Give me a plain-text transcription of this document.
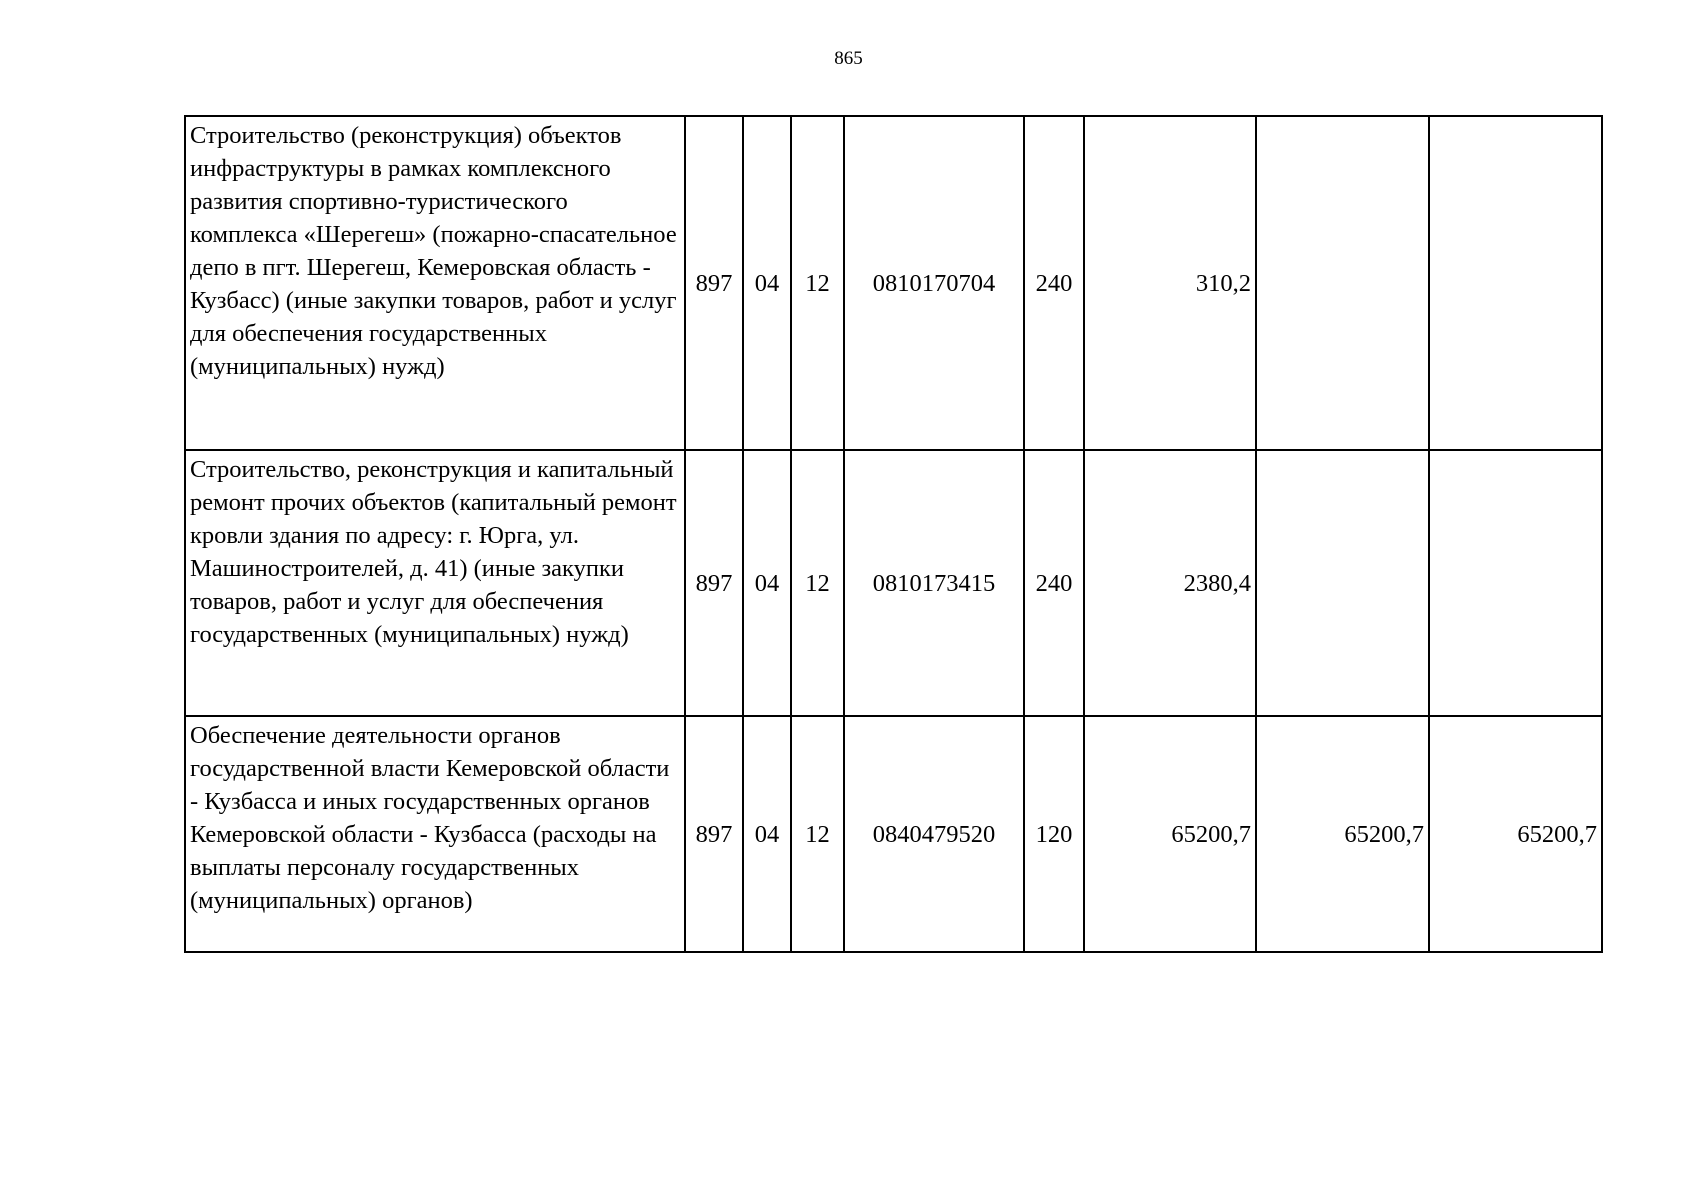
865
Строительство (реконструкция) объектов инфраструктуры в рамках комплексного развития спортивно-туристического комплекса «Шерегеш» (пожарно-спасательное депо в пгт. Шерегеш, Кемеровская область - Кузбасс) (иные закупки товаров, работ и услуг для обеспечения государственных (муниципальных) нужд)	897	04	12	0810170704	240	310,2		
Строительство, реконструкция и капитальный ремонт прочих объектов (капитальный ремонт кровли здания по адресу: г. Юрга, ул. Машиностроителей, д. 41) (иные закупки товаров, работ и услуг для обеспечения государственных (муниципальных) нужд)	897	04	12	0810173415	240	2380,4		
Обеспечение деятельности органов государственной власти Кемеровской области - Кузбасса и иных государственных органов Кемеровской области - Кузбасса (расходы на выплаты персоналу государственных (муниципальных) органов)	897	04	12	0840479520	120	65200,7	65200,7	65200,7
